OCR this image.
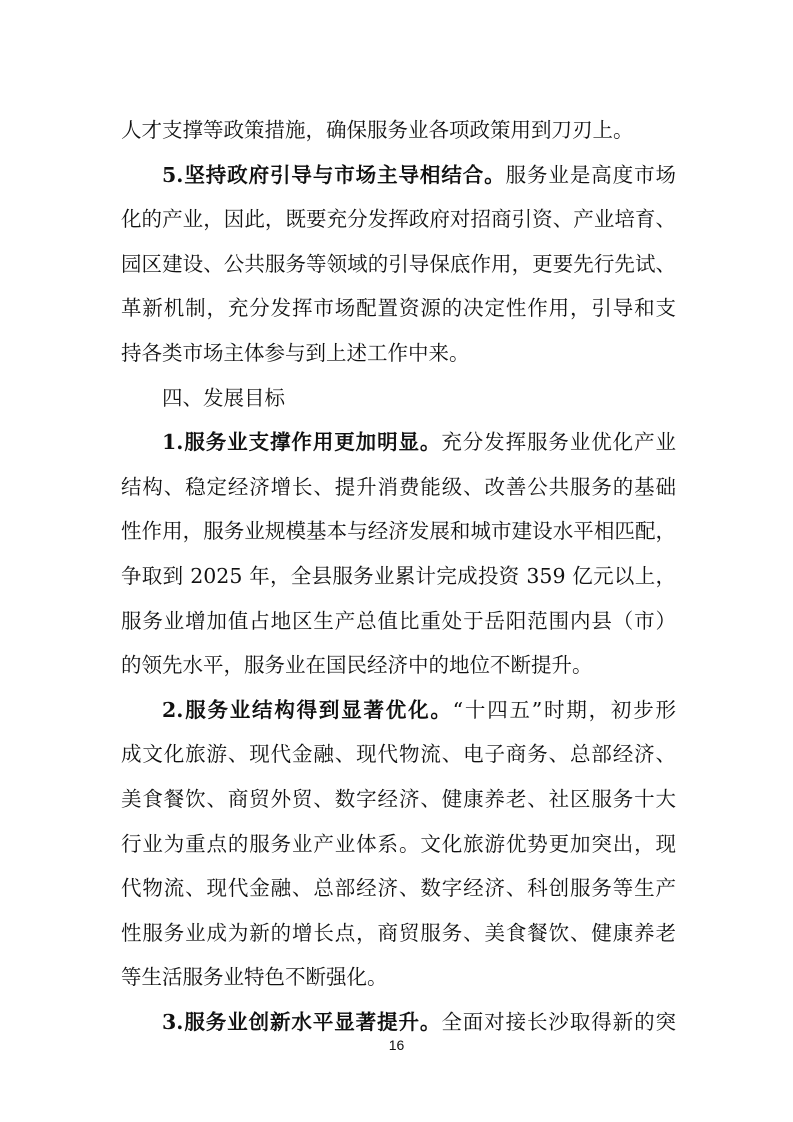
人才支撑等政策措施，确保服务业各项政策用到刀刃上。
5.坚持政府引导与市场主导相结合。服务业是高度市场
化的产业，因此，既要充分发挥政府对招商引资、产业培育、
园区建设、公共服务等领域的引导保底作用，更要先行先试、
革新机制，充分发挥市场配置资源的决定性作用，引导和支
持各类市场主体参与到上述工作中来。
四、发展目标
1.服务业支撑作用更加明显。充分发挥服务业优化产业
结构、稳定经济增长、提升消费能级、改善公共服务的基础
性作用，服务业规模基本与经济发展和城市建设水平相匹配，
争取到 2025 年，全县服务业累计完成投资 359 亿元以上，
服务业增加值占地区生产总值比重处于岳阳范围内县（市）
的领先水平，服务业在国民经济中的地位不断提升。
2.服务业结构得到显著优化。“十四五”时期，初步形
成文化旅游、现代金融、现代物流、电子商务、总部经济、
美食餐饮、商贸外贸、数字经济、健康养老、社区服务十大
行业为重点的服务业产业体系。文化旅游优势更加突出，现
代物流、现代金融、总部经济、数字经济、科创服务等生产
性服务业成为新的增长点，商贸服务、美食餐饮、健康养老
等生活服务业特色不断强化。
3.服务业创新水平显著提升。全面对接长沙取得新的突
16
